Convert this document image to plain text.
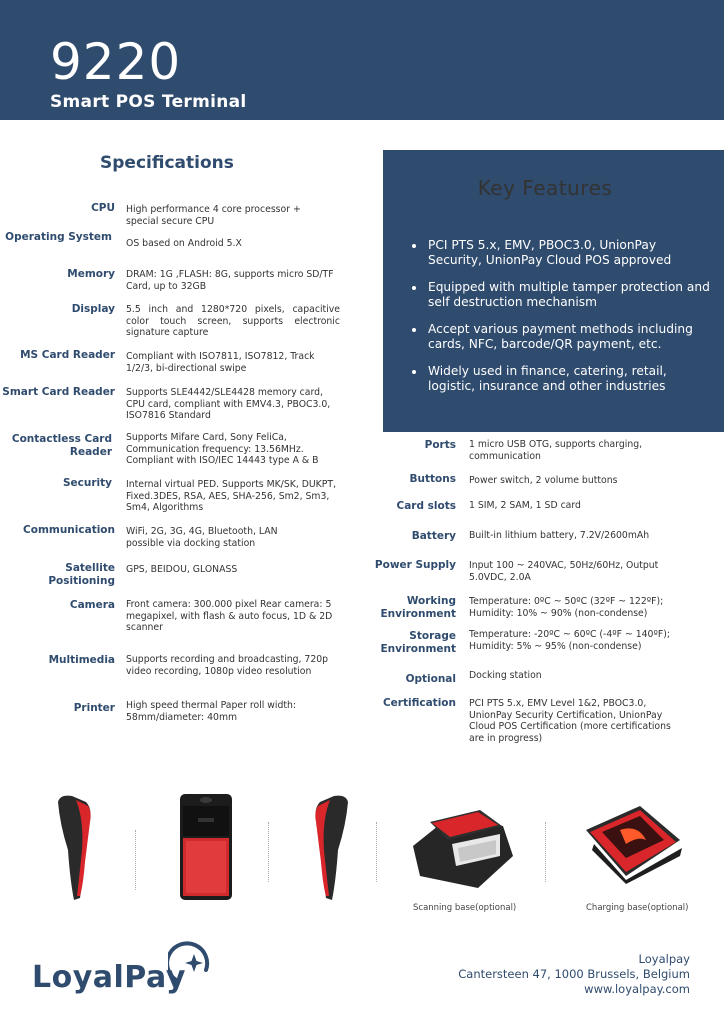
9220
Smart POS Terminal
Specifications
CPU High performance 4 core processor + special secure CPU
Operating System
OS based on Android 5.X
Memory DRAM: 1G ,FLASH: 8G, supports micro SD/TF Card, up to 32GB
Display 5.5 inch and 1280*720 pixels, capacitive color touch screen, supports electronic signature capture
MS Card Reader Compliant with ISO7811, ISO7812, Track 1/2/3, bi-directional swipe
Smart Card Reader Supports SLE4442/SLE4428 memory card, CPU card, compliant with EMV4.3, PBOC3.0, ISO7816 Standard
Contactless Card Reader
Supports Mifare Card, Sony FeliCa, Communication frequency: 13.56MHz. Compliant with ISO/IEC 14443 type A & B
Security Internal virtual PED. Supports MK/SK, DUKPT, Fixed.3DES, RSA, AES, SHA-256, Sm2, Sm3, Sm4, Algorithms
Communication WiFi, 2G, 3G, 4G, Bluetooth, LAN possible via docking station
Satellite Positioning
GPS, BEIDOU, GLONASS
Camera Front camera: 300.000 pixel Rear camera: 5 megapixel, with flash & auto focus, 1D & 2D scanner
Multimedia Supports recording and broadcasting, 720p video recording, 1080p video resolution
Printer High speed thermal Paper roll width: 58mm/diameter: 40mm
Key Features
PCI PTS 5.x, EMV, PBOC3.0, UnionPay Security, UnionPay Cloud POS approved
Equipped with multiple tamper protection and self destruction mechanism
Accept various payment methods including cards, NFC, barcode/QR payment, etc.
Widely used in finance, catering, retail, logistic, insurance and other industries
Ports 1 micro USB OTG, supports charging, communication
Buttons Power switch, 2 volume buttons
Card slots 1 SIM, 2 SAM, 1 SD card
Battery Built-in lithium battery, 7.2V/2600mAh
Power Supply Input 100 ~ 240VAC, 50Hz/60Hz, Output 5.0VDC, 2.0A
Working Environment
Temperature: 0ºC ~ 50ºC (32ºF ~ 122ºF); Humidity: 10% ~ 90% (non-condense)
Storage Environment
Temperature: -20ºC ~ 60ºC (-4ºF ~ 140ºF); Humidity: 5% ~ 95% (non-condense)
Optional Docking station
Certification PCI PTS 5.x, EMV Level 1&2, PBOC3.0, UnionPay Security Certification, UnionPay Cloud POS Certification (more certifications are in progress)
Scanning base(optional)	Charging base(optional)
LoyalPay
Loyalpay
Cantersteen 47, 1000 Brussels, Belgium
www.loyalpay.com
